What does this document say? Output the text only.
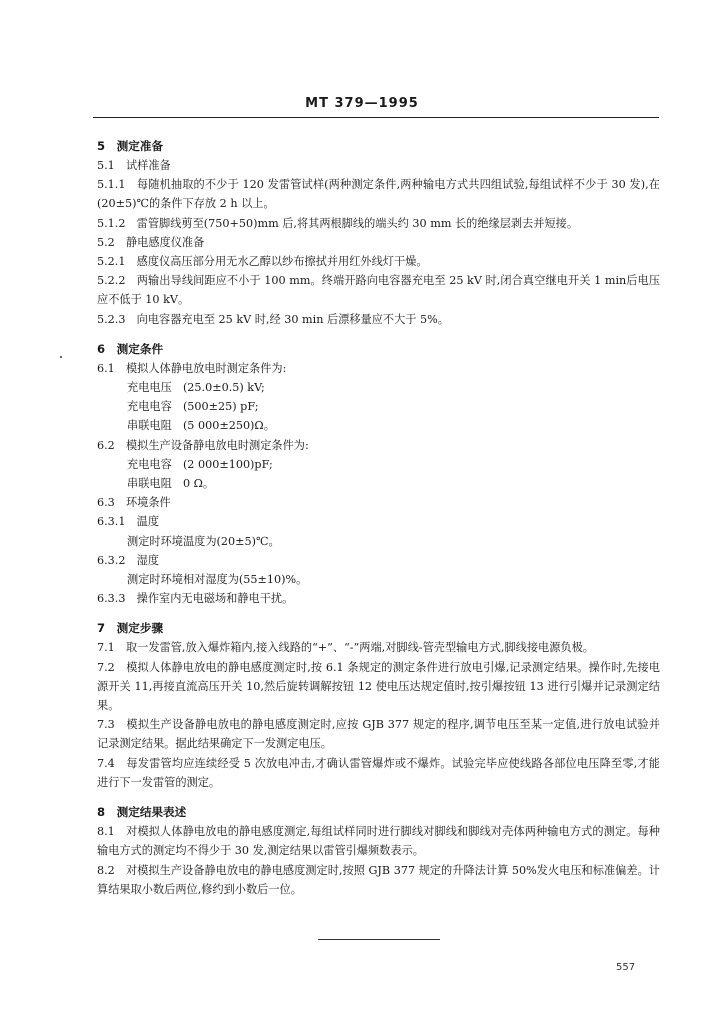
MT 379—1995
5　测定准备
5.1　试样准备
5.1.1　每随机抽取的不少于 120 发雷管试样(两种测定条件,两种输电方式共四组试验,每组试样不少于 30 发),在(20±5)℃的条件下存放 2 h 以上。
5.1.2　雷管脚线剪至(750+50)mm 后,将其两根脚线的端头约 30 mm 长的绝缘层剥去并短接。
5.2　静电感度仪准备
5.2.1　感度仪高压部分用无水乙醇以纱布擦拭并用红外线灯干燥。
5.2.2　两输出导线间距应不小于 100 mm。终端开路向电容器充电至 25 kV 时,闭合真空继电开关 1 min后电压应不低于 10 kV。
5.2.3　向电容器充电至 25 kV 时,经 30 min 后漂移量应不大于 5%。
6　测定条件
6.1　模拟人体静电放电时测定条件为:
充电电压　(25.0±0.5) kV;
充电电容　(500±25) pF;
串联电阻　(5 000±250)Ω。
6.2　模拟生产设备静电放电时测定条件为:
充电电容　(2 000±100)pF;
串联电阻　0 Ω。
6.3　环境条件
6.3.1　温度
测定时环境温度为(20±5)℃。
6.3.2　湿度
测定时环境相对湿度为(55±10)%。
6.3.3　操作室内无电磁场和静电干扰。
7　测定步骤
7.1　取一发雷管,放入爆炸箱内,接入线路的“+”、“-”两端,对脚线-管壳型输电方式,脚线接电源负极。
7.2　模拟人体静电放电的静电感度测定时,按 6.1 条规定的测定条件进行放电引爆,记录测定结果。操作时,先接电源开关 11,再接直流高压开关 10,然后旋转调解按钮 12 使电压达规定值时,按引爆按钮 13 进行引爆并记录测定结果。
7.3　模拟生产设备静电放电的静电感度测定时,应按 GJB 377 规定的程序,调节电压至某一定值,进行放电试验并记录测定结果。据此结果确定下一发测定电压。
7.4　每发雷管均应连续经受 5 次放电冲击,才确认雷管爆炸或不爆炸。试验完毕应使线路各部位电压降至零,才能进行下一发雷管的测定。
8　测定结果表述
8.1　对模拟人体静电放电的静电感度测定,每组试样同时进行脚线对脚线和脚线对壳体两种输电方式的测定。每种输电方式的测定均不得少于 30 发,测定结果以雷管引爆频数表示。
8.2　对模拟生产设备静电放电的静电感度测定时,按照 GJB 377 规定的升降法计算 50%发火电压和标准偏差。计算结果取小数后两位,修约到小数后一位。
557
